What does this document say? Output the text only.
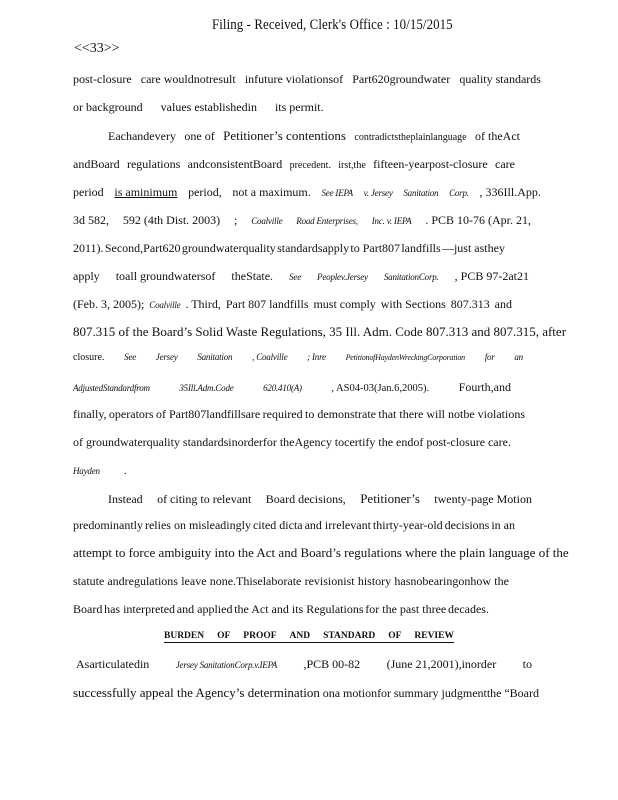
Filing - Received, Clerk's Office : 10/15/2015
<<33>>
post-closure care wouldnotresult infuture violationsof Part620groundwater quality standards
or background values establishedin its permit.
Eachandevery one of Petitioner’s contentions contradictstheplainlanguage of theAct
andBoard regulations andconsistentBoard precedent. irst,the fifteen-yearpost-closure care
period is aminimum period, not a maximum. See IEPA v. Jersey Sanitation Corp. , 336Ill.App.
3d 582, 592 (4th Dist. 2003) ; Coalville Road Enterprises, Inc. v. IEPA . PCB 10-76 (Apr. 21,
2011). Second,Part620 groundwaterquality standardsapply to Part807 landfills —just asthey
apply toall groundwatersof theState. See Peoplev.Jersey SanitationCorp. , PCB 97-2at21
(Feb. 3, 2005); Coalville . Third, Part 807 landfills must comply with Sections 807.313 and
807.315 of the Board’s Solid Waste Regulations, 35 Ill. Adm. Code 807.313 and 807.315, after
closure. See Jersey Sanitation , Coalville ; Inre PetitionofHaydenWreckingCorporation for an
AdjustedStandardfrom	35Ill.Adm.Code	620.410(A)	, AS04-03(Jan.6,2005). Fourth,and
finally, operators of Part807landfillsare required to demonstrate that there will notbe violations
of groundwaterquality standardsinorderfor theAgency tocertify the endof post-closure care.
Hayden .
Instead of citing to relevant Board decisions, Petitioner’s twenty-page Motion
predominantly relies on misleadingly cited dicta and irrelevant thirty-year-old decisions in an
attempt to force ambiguity into the Act and Board’s regulations where the plain language of the
statute andregulations leave none.Thiselaborate revisionist history hasnobearingonhow the
Board has interpreted and applied the Act and its Regulations for the past three decades.
BURDEN OF PROOF AND STANDARD OF REVIEW
Asarticulatedin	Jersey SanitationCorp.v.IEPA ,PCB 00-82 (June 21,2001),inorder to
successfully appeal the Agency’s determination ona motionfor summary judgmentthe “Board
